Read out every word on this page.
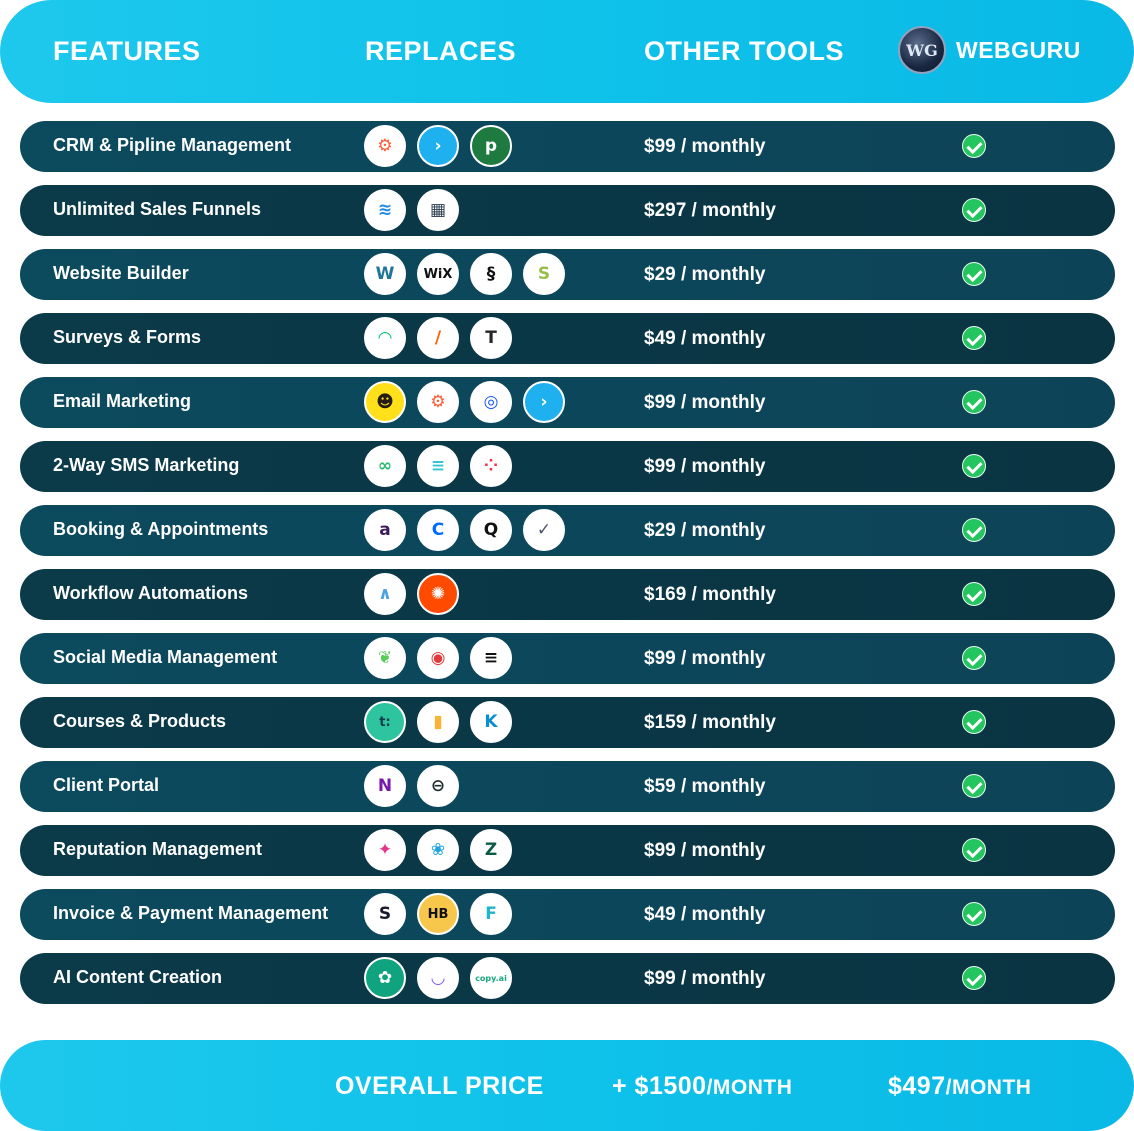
FEATURES	REPLACES	OTHER TOOLS	WG WEBGURU
CRM & Pipline Management	⚙	›	p	$99 / monthly
Unlimited Sales Funnels	≋	▦	$297 / monthly
Website Builder	W	WiX	§	S	$29 / monthly
Surveys & Forms	◠	/	T	$49 / monthly
Email Marketing	☻	⚙	◎	›	$99 / monthly
2-Way SMS Marketing	∞	≡	⁘	$99 / monthly
Booking & Appointments	a	C	Q	✓	$29 / monthly
Workflow Automations	∧	✺	$169 / monthly
Social Media Management	❦	◉	≡	$99 / monthly
Courses & Products	t:	▮	K	$159 / monthly
Client Portal	N	⊖	$59 / monthly
Reputation Management	✦	❀	Z	$99 / monthly
Invoice & Payment Management	S	HB	F	$49 / monthly
AI Content Creation	✿	◡	copy.ai	$99 / monthly
OVERALL PRICE	+ $1500/MONTH	$497/MONTH
